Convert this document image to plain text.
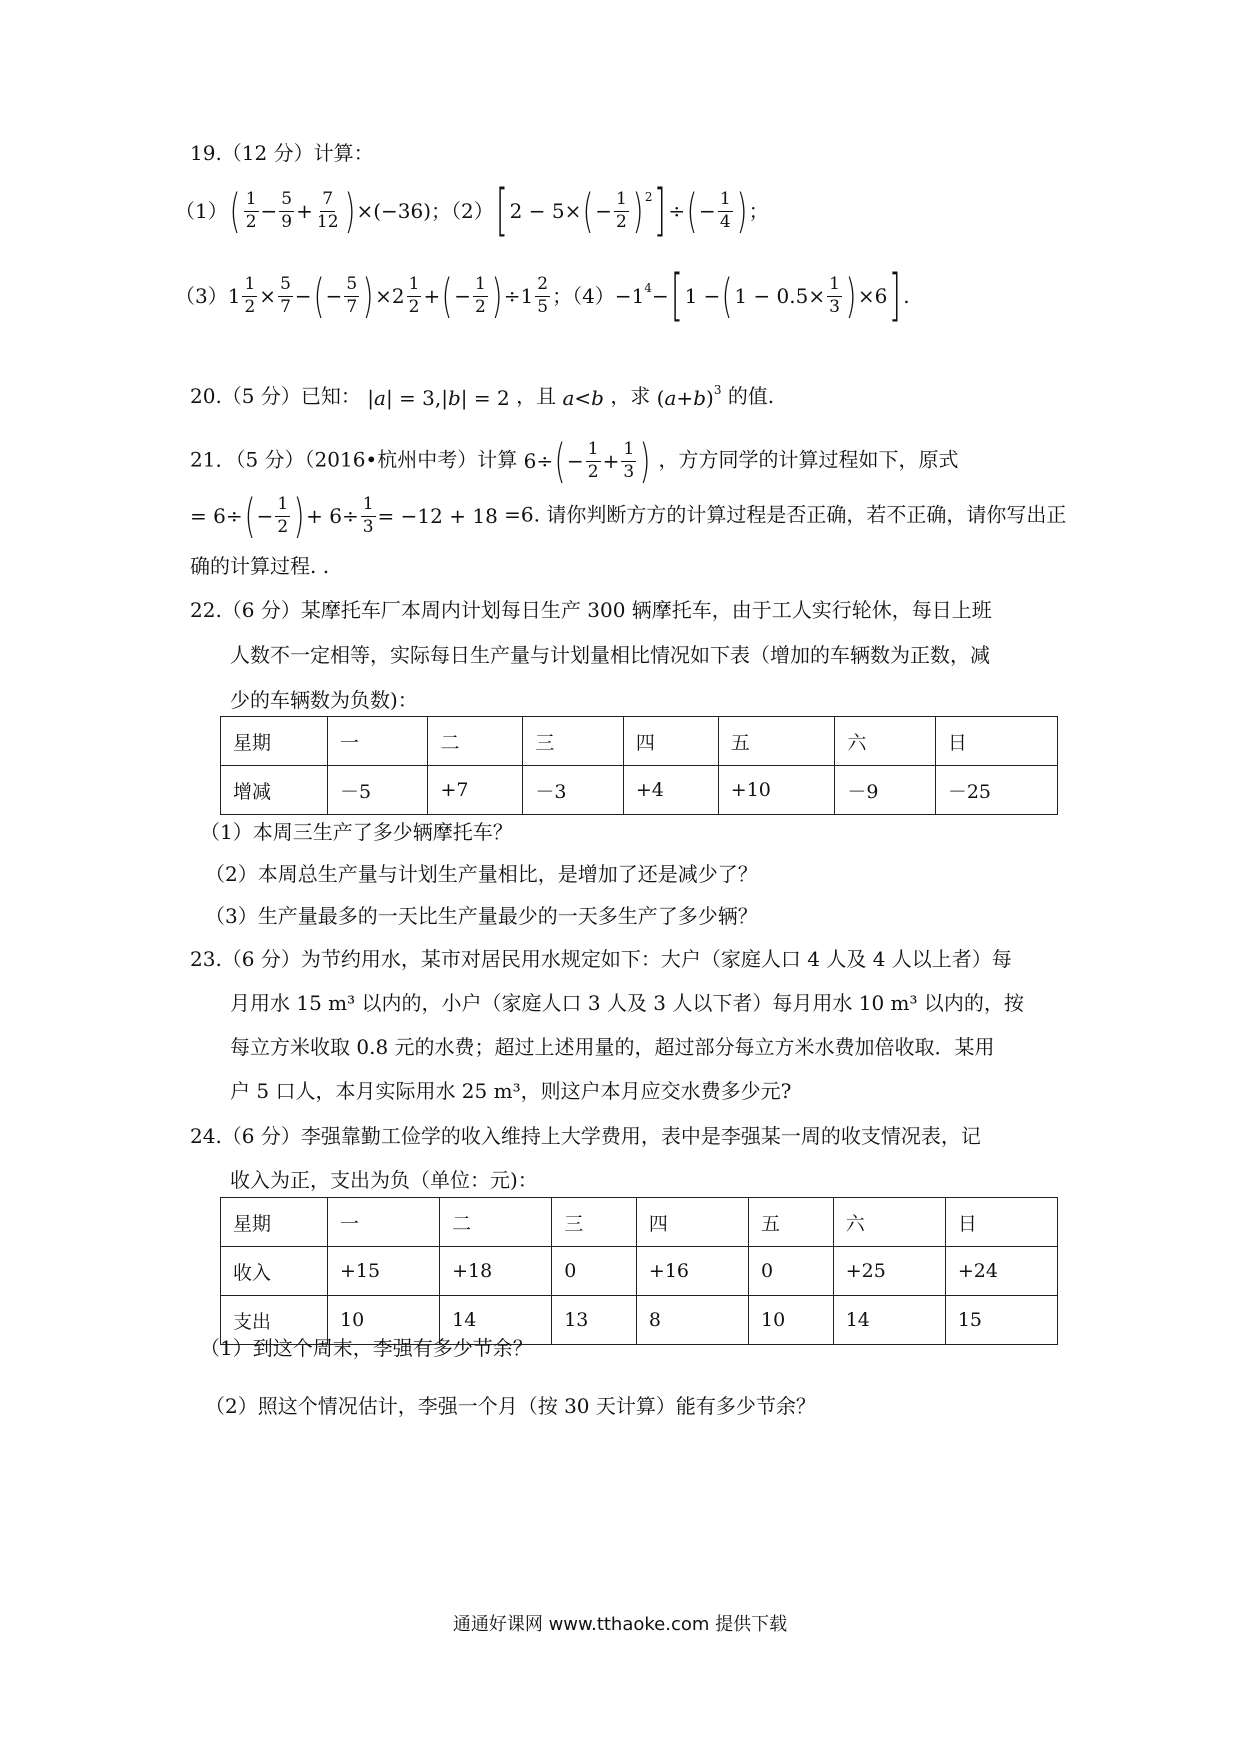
19.（12 分）计算：
（1） ( $\frac{1}{2} - \frac{5}{9} + \frac{7}{12}$ ) ×(−36) ；（2） [ 2 − 5× ( − $\frac{1}{2} )^2$ ] ÷ ( − $\frac{1}{4}$ ) ；
（3） $1 \frac{1}{2} \times \frac{5}{7}$ − ( − $\frac{5}{7}$ ) × $2 \frac{1}{2}$ + ( − $\frac{1}{2}$ ) ÷ $1 \frac{2}{5}$ ；$(4) -1^4$ − [ 1 − ( $1 - 0.5\times \frac{1}{3}$ ) ×6 ] .
20.（5 分）已知： | a | = 3,| b | = 2 ，且 a < b ，求 ( a + b )$^3$ 的值.
21．（5 分）（2016•杭州中考）计算 6÷ ( − $\frac{1}{2} + \frac{1}{3}$ ) ，方方同学的计算过程如下，原式
= 6÷ ( − $\frac{1}{2}$ ) + $6\div \frac{1}{3} = -12 + 18 =6$. 请你判断方方的计算过程是否正确，若不正确，请你写出正
确的计算过程. .
22.（6 分）某摩托车厂本周内计划每日生产 300 辆摩托车，由于工人实行轮休，每日上班
人数不一定相等，实际每日生产量与计划量相比情况如下表（增加的车辆数为正数，减
少的车辆数为负数)：
星期	一	二	三	四	五	六	日
增减	－5	+7	－3	+4	+10	－9	－25
（1）本周三生产了多少辆摩托车？
（2）本周总生产量与计划生产量相比，是增加了还是减少了？
（3）生产量最多的一天比生产量最少的一天多生产了多少辆？
23.（6 分）为节约用水，某市对居民用水规定如下：大户（家庭人口 4 人及 4 人以上者）每
月用水 15 m³ 以内的，小户（家庭人口 3 人及 3 人以下者）每月用水 10 m³ 以内的，按
每立方米收取 0.8 元的水费；超过上述用量的，超过部分每立方米水费加倍收取．某用
户 5 口人，本月实际用水 25 m³，则这户本月应交水费多少元?
24.（6 分）李强靠勤工俭学的收入维持上大学费用，表中是李强某一周的收支情况表，记
收入为正，支出为负（单位：元)：
星期	一	二	三	四	五	六	日
收入	+15	+18	0	+16	0	+25	+24
支出	10	14	13	8	10	14	15
（1）到这个周末，李强有多少节余？
（2）照这个情况估计，李强一个月（按 30 天计算）能有多少节余？
通通好课网 www.tthaoke.com 提供下载
